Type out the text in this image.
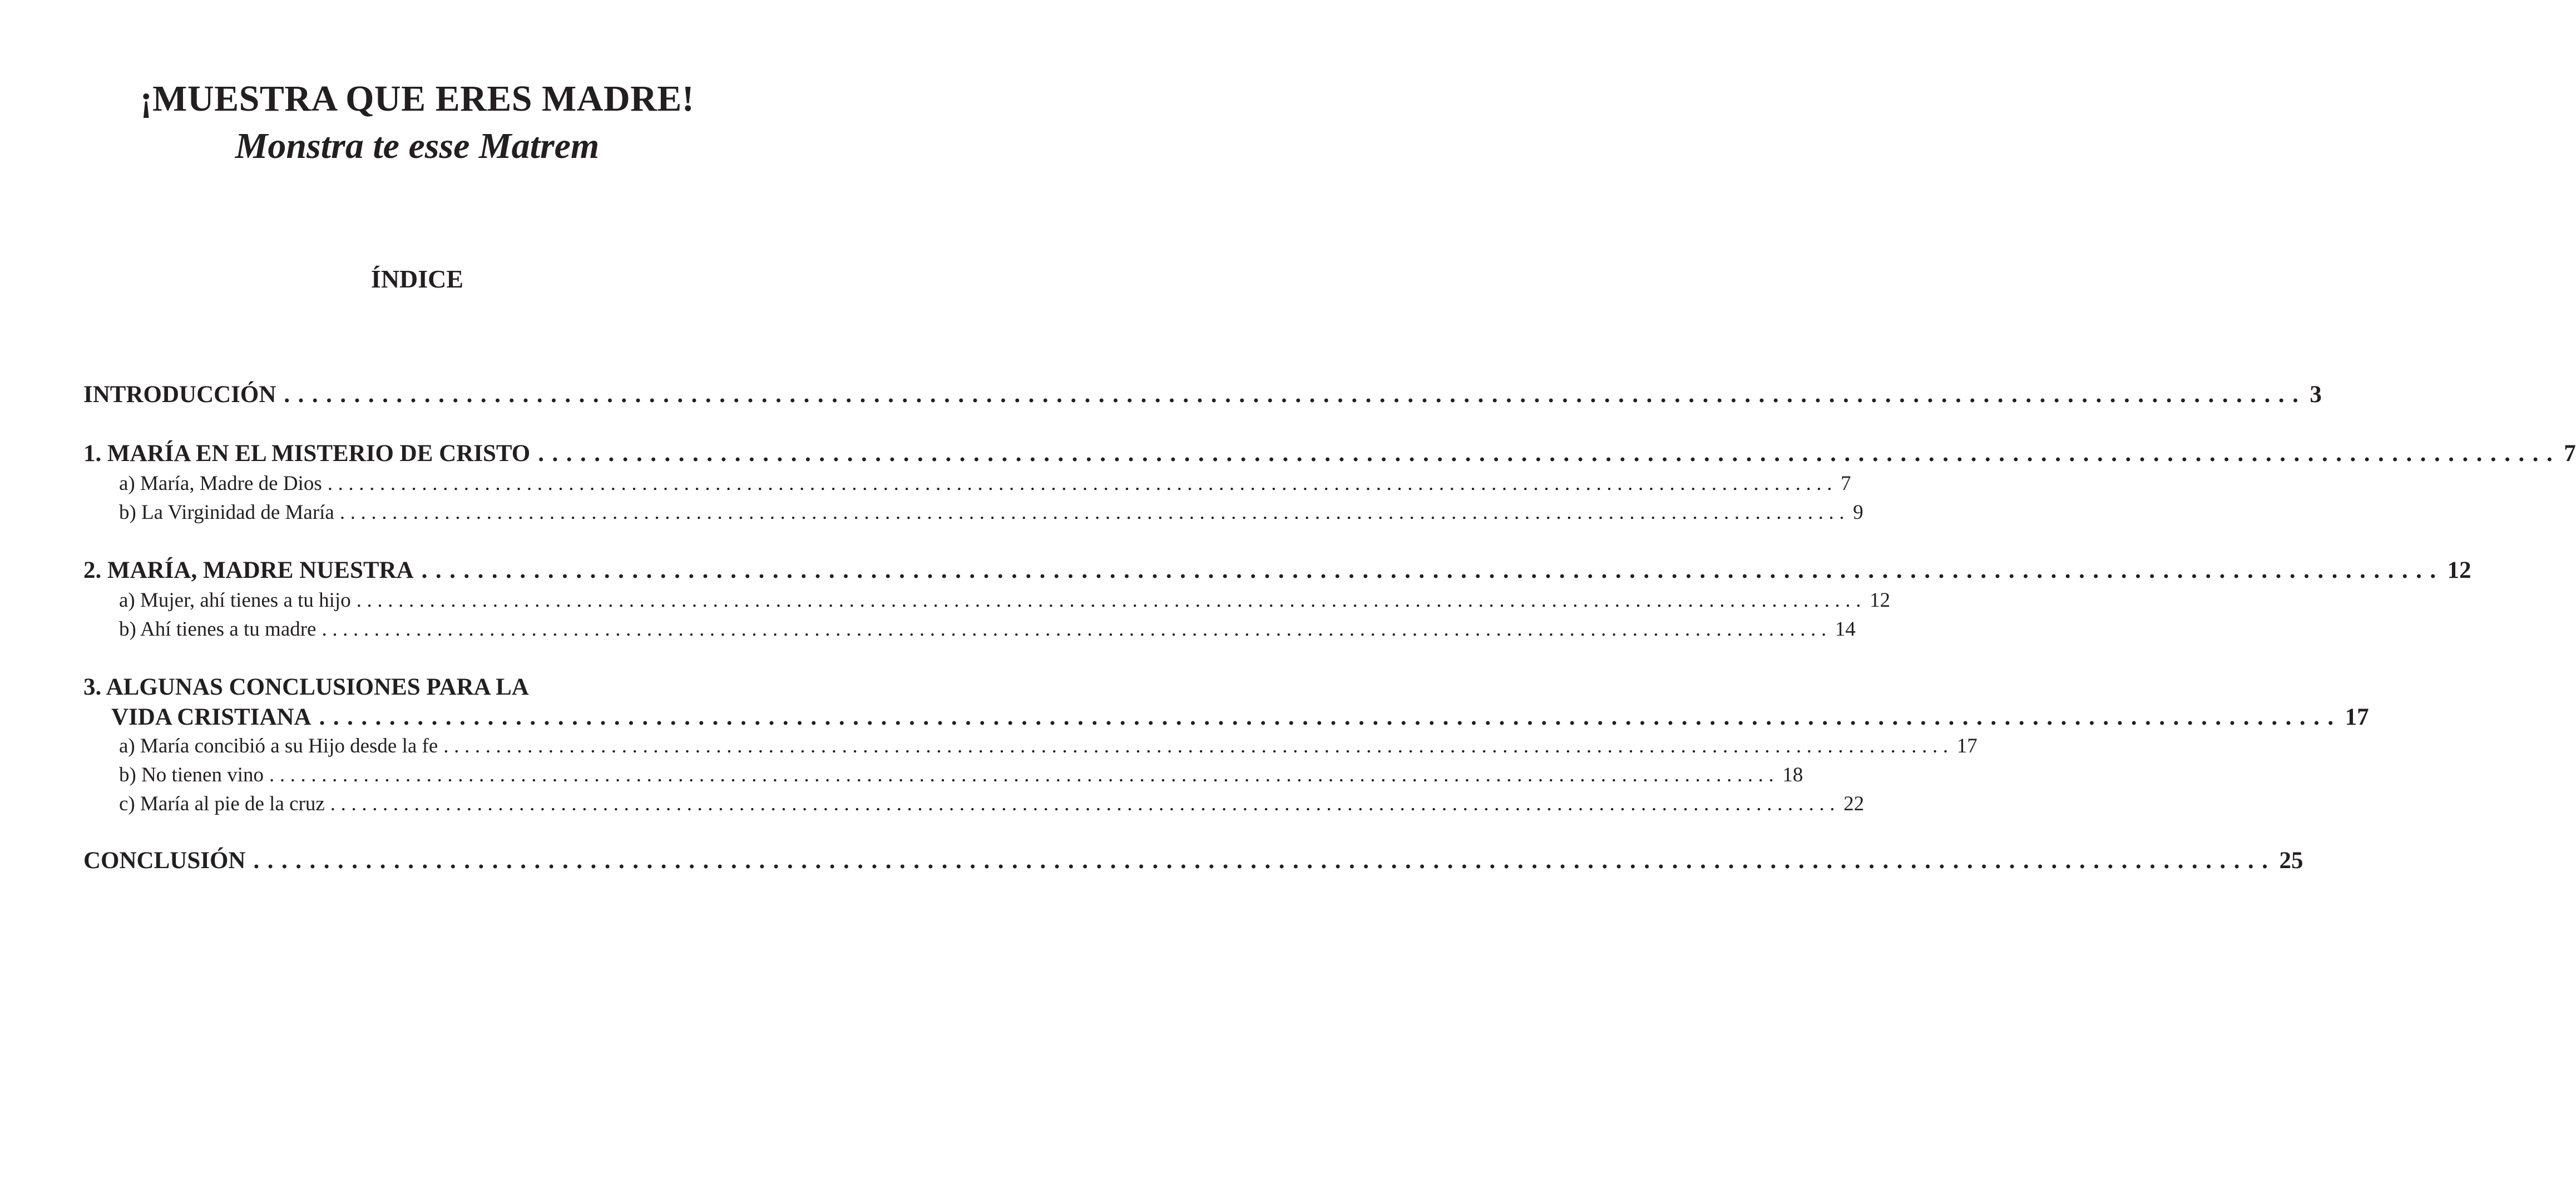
¡MUESTRA QUE ERES MADRE!
Monstra te esse Matrem
ÍNDICE
INTRODUCCIÓN ................................................................................................................................................ 3
1. MARÍA EN EL MISTERIO DE CRISTO ................................................................................................................................................ 7
a) María, Madre de Dios ................................................................................................................................................ 7
b) La Virginidad de María ................................................................................................................................................ 9
2. MARÍA, MADRE NUESTRA ................................................................................................................................................ 12
a) Mujer, ahí tienes a tu hijo ................................................................................................................................................ 12
b) Ahí tienes a tu madre ................................................................................................................................................ 14
3. ALGUNAS CONCLUSIONES PARA LA
VIDA CRISTIANA ................................................................................................................................................ 17
a) María concibió a su Hijo desde la fe ................................................................................................................................................ 17
b) No tienen vino ................................................................................................................................................ 18
c) María al pie de la cruz ................................................................................................................................................ 22
CONCLUSIÓN ................................................................................................................................................ 25
